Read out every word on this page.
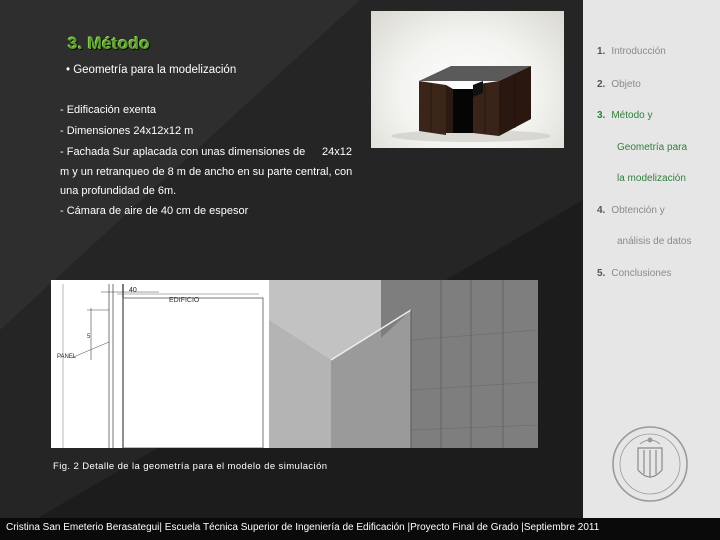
3. Método
• Geometría para la modelización
- Edificación exenta
- Dimensiones 24x12x12 m
- Fachada Sur aplacada con unas dimensiones de 24x12
m y un retranqueo de 8 m de ancho en su parte central, con
una profundidad de 6m.
- Cámara de aire de 40 cm de espesor
40
EDIFICIO
5
PANEL
Fig. 2 Detalle de la geometría para el modelo de simulación
1. Introducción
2. Objeto
3. Método y
Geometría para
la modelización
4. Obtención y
análisis de datos
5. Conclusiones
Cristina San Emeterio Berasategui| Escuela Técnica Superior de Ingeniería de Edificación |Proyecto Final de Grado |Septiembre 2011
